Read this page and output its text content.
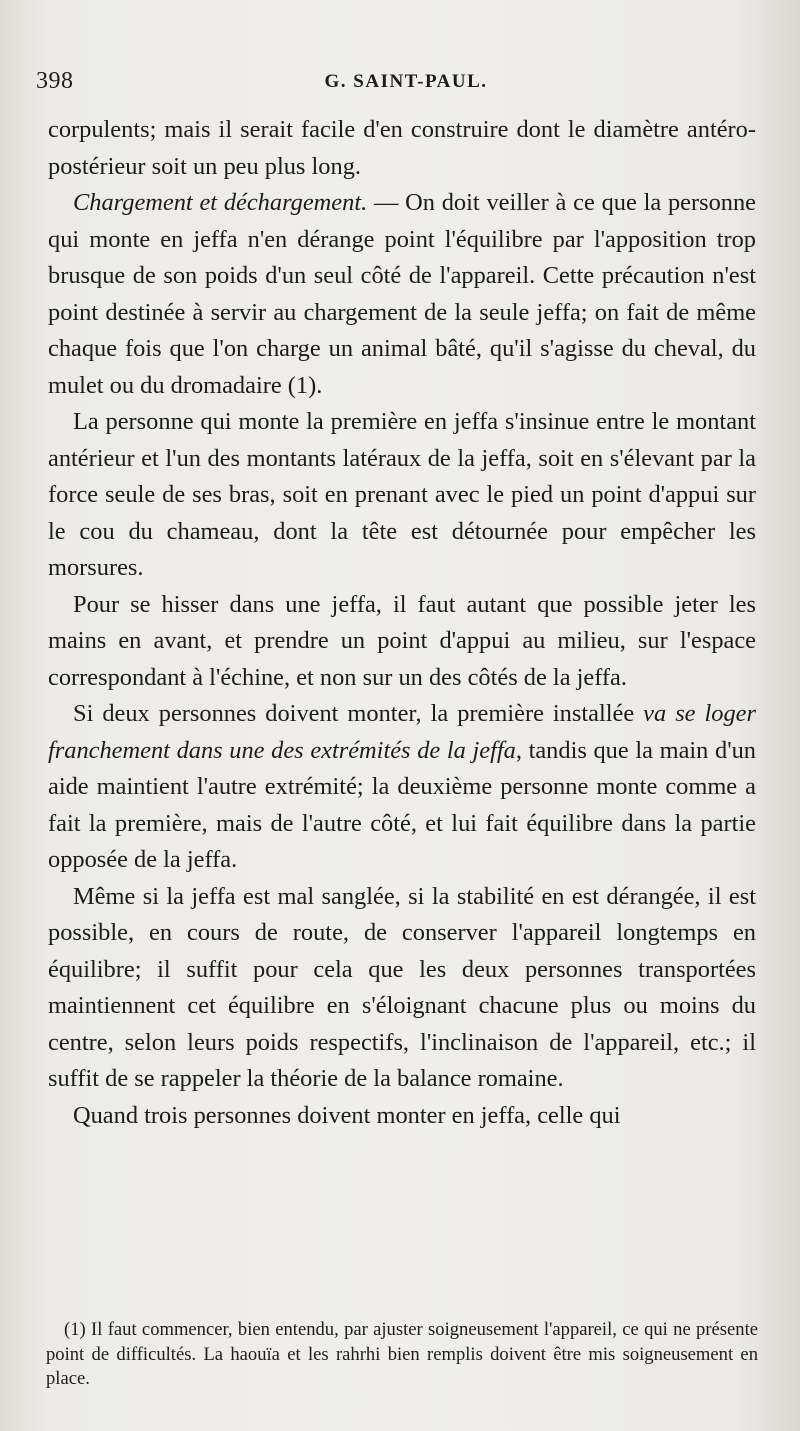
398	G. SAINT-PAUL.

corpulents; mais il serait facile d'en construire dont le diamètre antéro-postérieur soit un peu plus long.

Chargement et déchargement. — On doit veiller à ce que la personne qui monte en jeffa n'en dérange point l'équilibre par l'apposition trop brusque de son poids d'un seul côté de l'appareil. Cette précaution n'est point destinée à servir au chargement de la seule jeffa; on fait de même chaque fois que l'on charge un animal bâté, qu'il s'agisse du cheval, du mulet ou du dromadaire (1).

La personne qui monte la première en jeffa s'insinue entre le montant antérieur et l'un des montants latéraux de la jeffa, soit en s'élevant par la force seule de ses bras, soit en prenant avec le pied un point d'appui sur le cou du chameau, dont la tête est détournée pour empêcher les morsures.

Pour se hisser dans une jeffa, il faut autant que possible jeter les mains en avant, et prendre un point d'appui au milieu, sur l'espace correspondant à l'échine, et non sur un des côtés de la jeffa.

Si deux personnes doivent monter, la première installée va se loger franchement dans une des extrémités de la jeffa, tandis que la main d'un aide maintient l'autre extrémité; la deuxième personne monte comme a fait la première, mais de l'autre côté, et lui fait équilibre dans la partie opposée de la jeffa.

Même si la jeffa est mal sanglée, si la stabilité en est dérangée, il est possible, en cours de route, de conserver l'appareil longtemps en équilibre; il suffit pour cela que les deux personnes transportées maintiennent cet équilibre en s'éloignant chacune plus ou moins du centre, selon leurs poids respectifs, l'inclinaison de l'appareil, etc.; il suffit de se rappeler la théorie de la balance romaine.

Quand trois personnes doivent monter en jeffa, celle qui

(1) Il faut commencer, bien entendu, par ajuster soigneusement l'appareil, ce qui ne présente point de difficultés. La haouïa et les rahrhi bien remplis doivent être mis soigneusement en place.
